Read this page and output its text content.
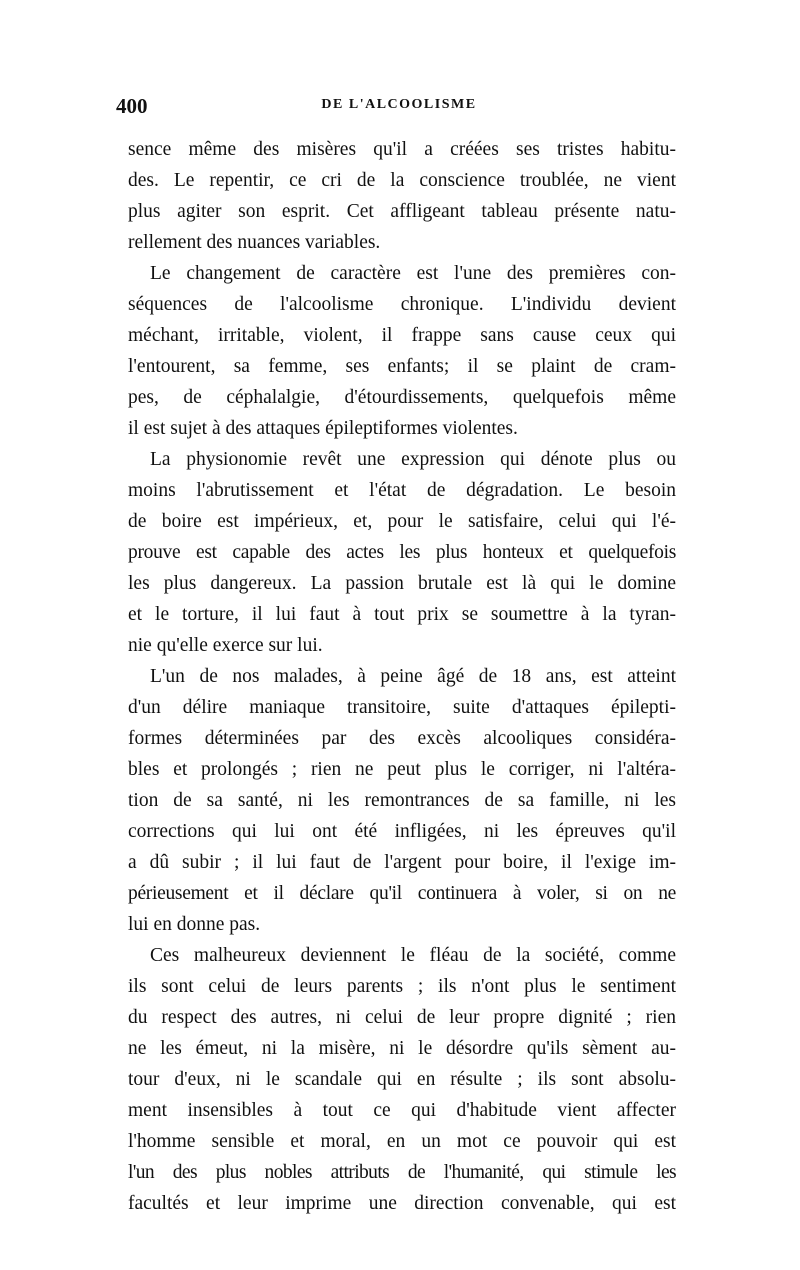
400	DE L'ALCOOLISME
sence même des misères qu'il a créées ses tristes habitu-
des. Le repentir, ce cri de la conscience troublée, ne vient
plus agiter son esprit. Cet affligeant tableau présente natu-
rellement des nuances variables.
Le changement de caractère est l'une des premières con-
séquences de l'alcoolisme chronique. L'individu devient
méchant, irritable, violent, il frappe sans cause ceux qui
l'entourent, sa femme, ses enfants; il se plaint de cram-
pes, de céphalalgie, d'étourdissements, quelquefois même
il est sujet à des attaques épileptiformes violentes.
La physionomie revêt une expression qui dénote plus ou
moins l'abrutissement et l'état de dégradation. Le besoin
de boire est impérieux, et, pour le satisfaire, celui qui l'é-
prouve est capable des actes les plus honteux et quelquefois
les plus dangereux. La passion brutale est là qui le domine
et le torture, il lui faut à tout prix se soumettre à la tyran-
nie qu'elle exerce sur lui.
L'un de nos malades, à peine âgé de 18 ans, est atteint
d'un délire maniaque transitoire, suite d'attaques épilepti-
formes déterminées par des excès alcooliques considéra-
bles et prolongés ; rien ne peut plus le corriger, ni l'altéra-
tion de sa santé, ni les remontrances de sa famille, ni les
corrections qui lui ont été infligées, ni les épreuves qu'il
a dû subir ; il lui faut de l'argent pour boire, il l'exige im-
périeusement et il déclare qu'il continuera à voler, si on ne
lui en donne pas.
Ces malheureux deviennent le fléau de la société, comme
ils sont celui de leurs parents ; ils n'ont plus le sentiment
du respect des autres, ni celui de leur propre dignité ; rien
ne les émeut, ni la misère, ni le désordre qu'ils sèment au-
tour d'eux, ni le scandale qui en résulte ; ils sont absolu-
ment insensibles à tout ce qui d'habitude vient affecter
l'homme sensible et moral, en un mot ce pouvoir qui est
l'un des plus nobles attributs de l'humanité, qui stimule les
facultés et leur imprime une direction convenable, qui est
